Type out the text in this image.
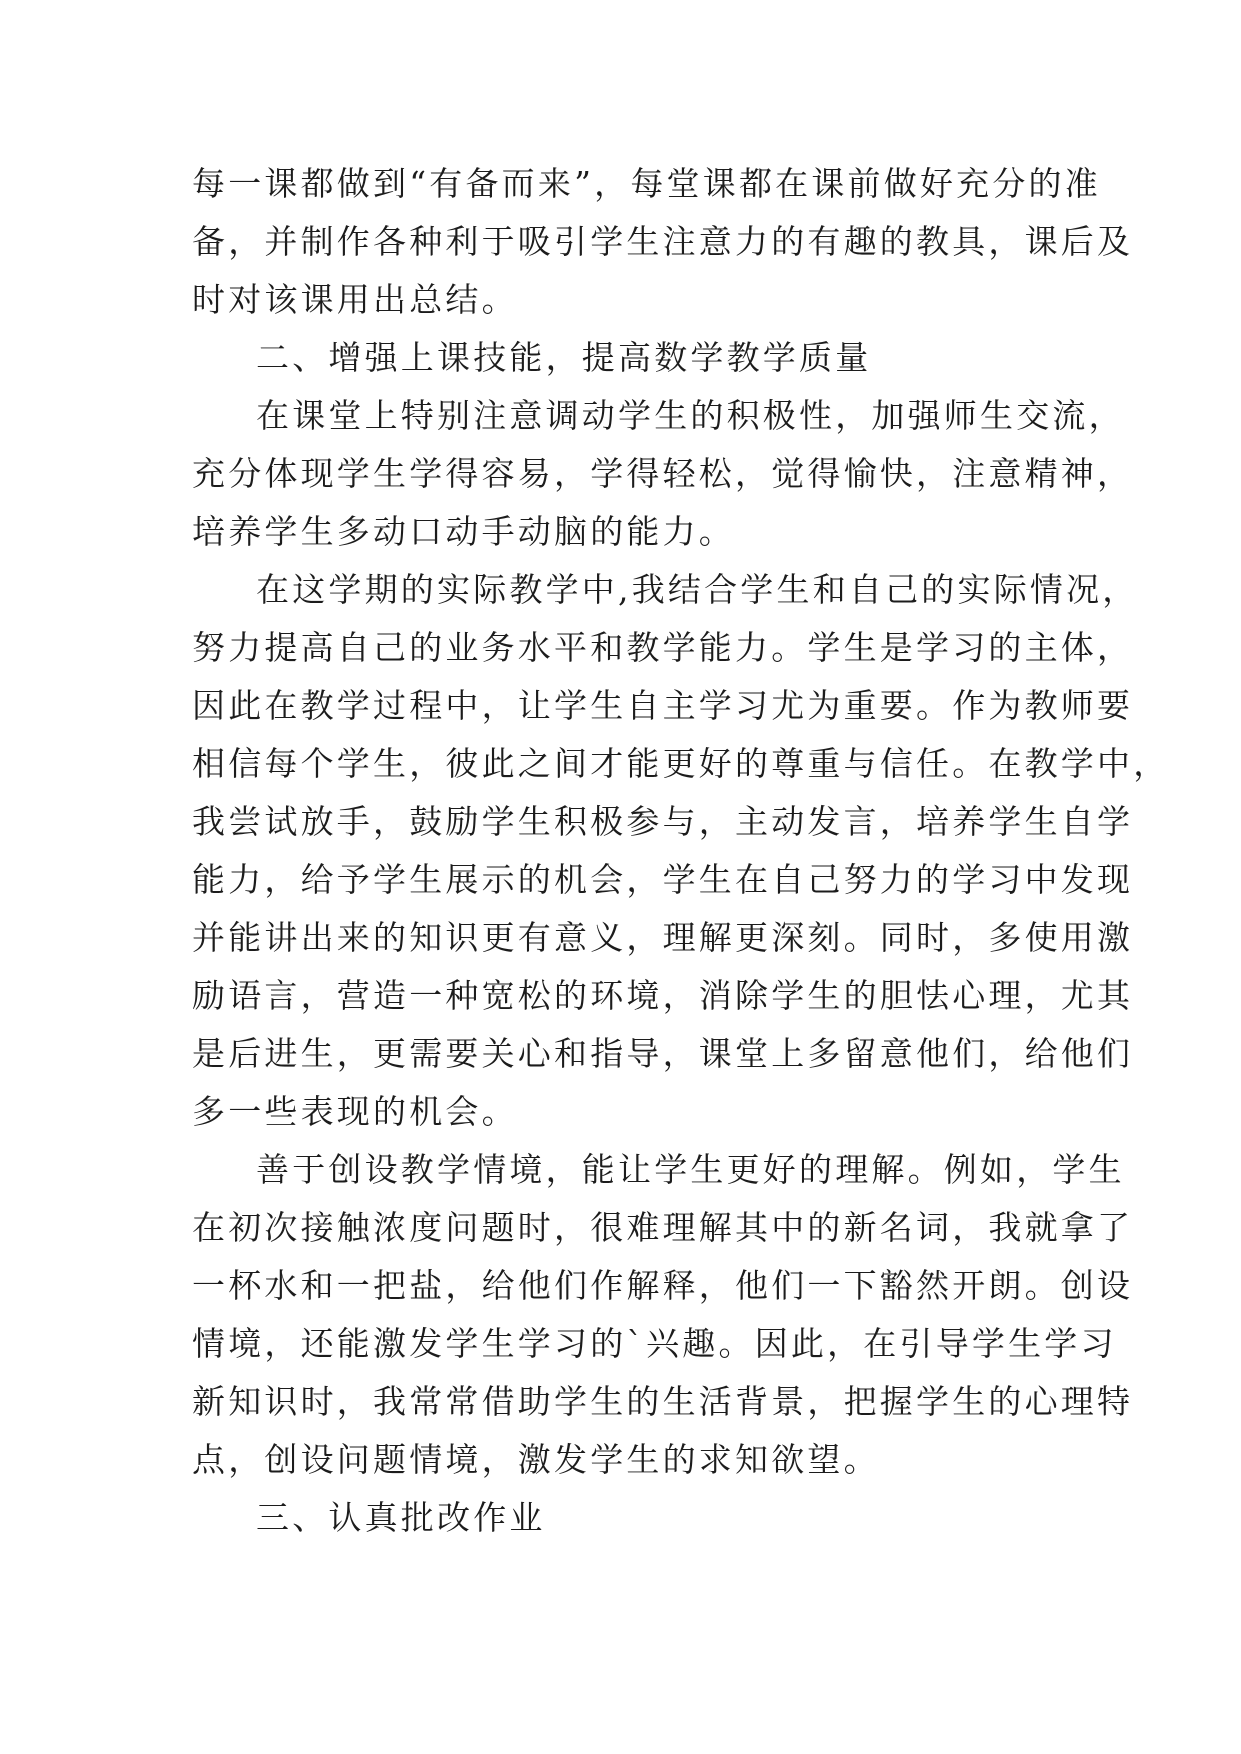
每一课都做到“有备而来”，每堂课都在课前做好充分的准
备，并制作各种利于吸引学生注意力的有趣的教具，课后及
时对该课用出总结。
二、增强上课技能，提高数学教学质量
在课堂上特别注意调动学生的积极性，加强师生交流，
充分体现学生学得容易，学得轻松，觉得愉快，注意精神，
培养学生多动口动手动脑的能力。
在这学期的实际教学中,我结合学生和自己的实际情况，
努力提高自己的业务水平和教学能力。学生是学习的主体，
因此在教学过程中，让学生自主学习尤为重要。作为教师要
相信每个学生，彼此之间才能更好的尊重与信任。在教学中，
我尝试放手，鼓励学生积极参与，主动发言，培养学生自学
能力，给予学生展示的机会，学生在自己努力的学习中发现
并能讲出来的知识更有意义，理解更深刻。同时，多使用激
励语言，营造一种宽松的环境，消除学生的胆怯心理，尤其
是后进生，更需要关心和指导，课堂上多留意他们，给他们
多一些表现的机会。
善于创设教学情境，能让学生更好的理解。例如，学生
在初次接触浓度问题时，很难理解其中的新名词，我就拿了
一杯水和一把盐，给他们作解释，他们一下豁然开朗。创设
情境，还能激发学生学习的`兴趣。因此，在引导学生学习
新知识时，我常常借助学生的生活背景，把握学生的心理特
点，创设问题情境，激发学生的求知欲望。
三、认真批改作业
